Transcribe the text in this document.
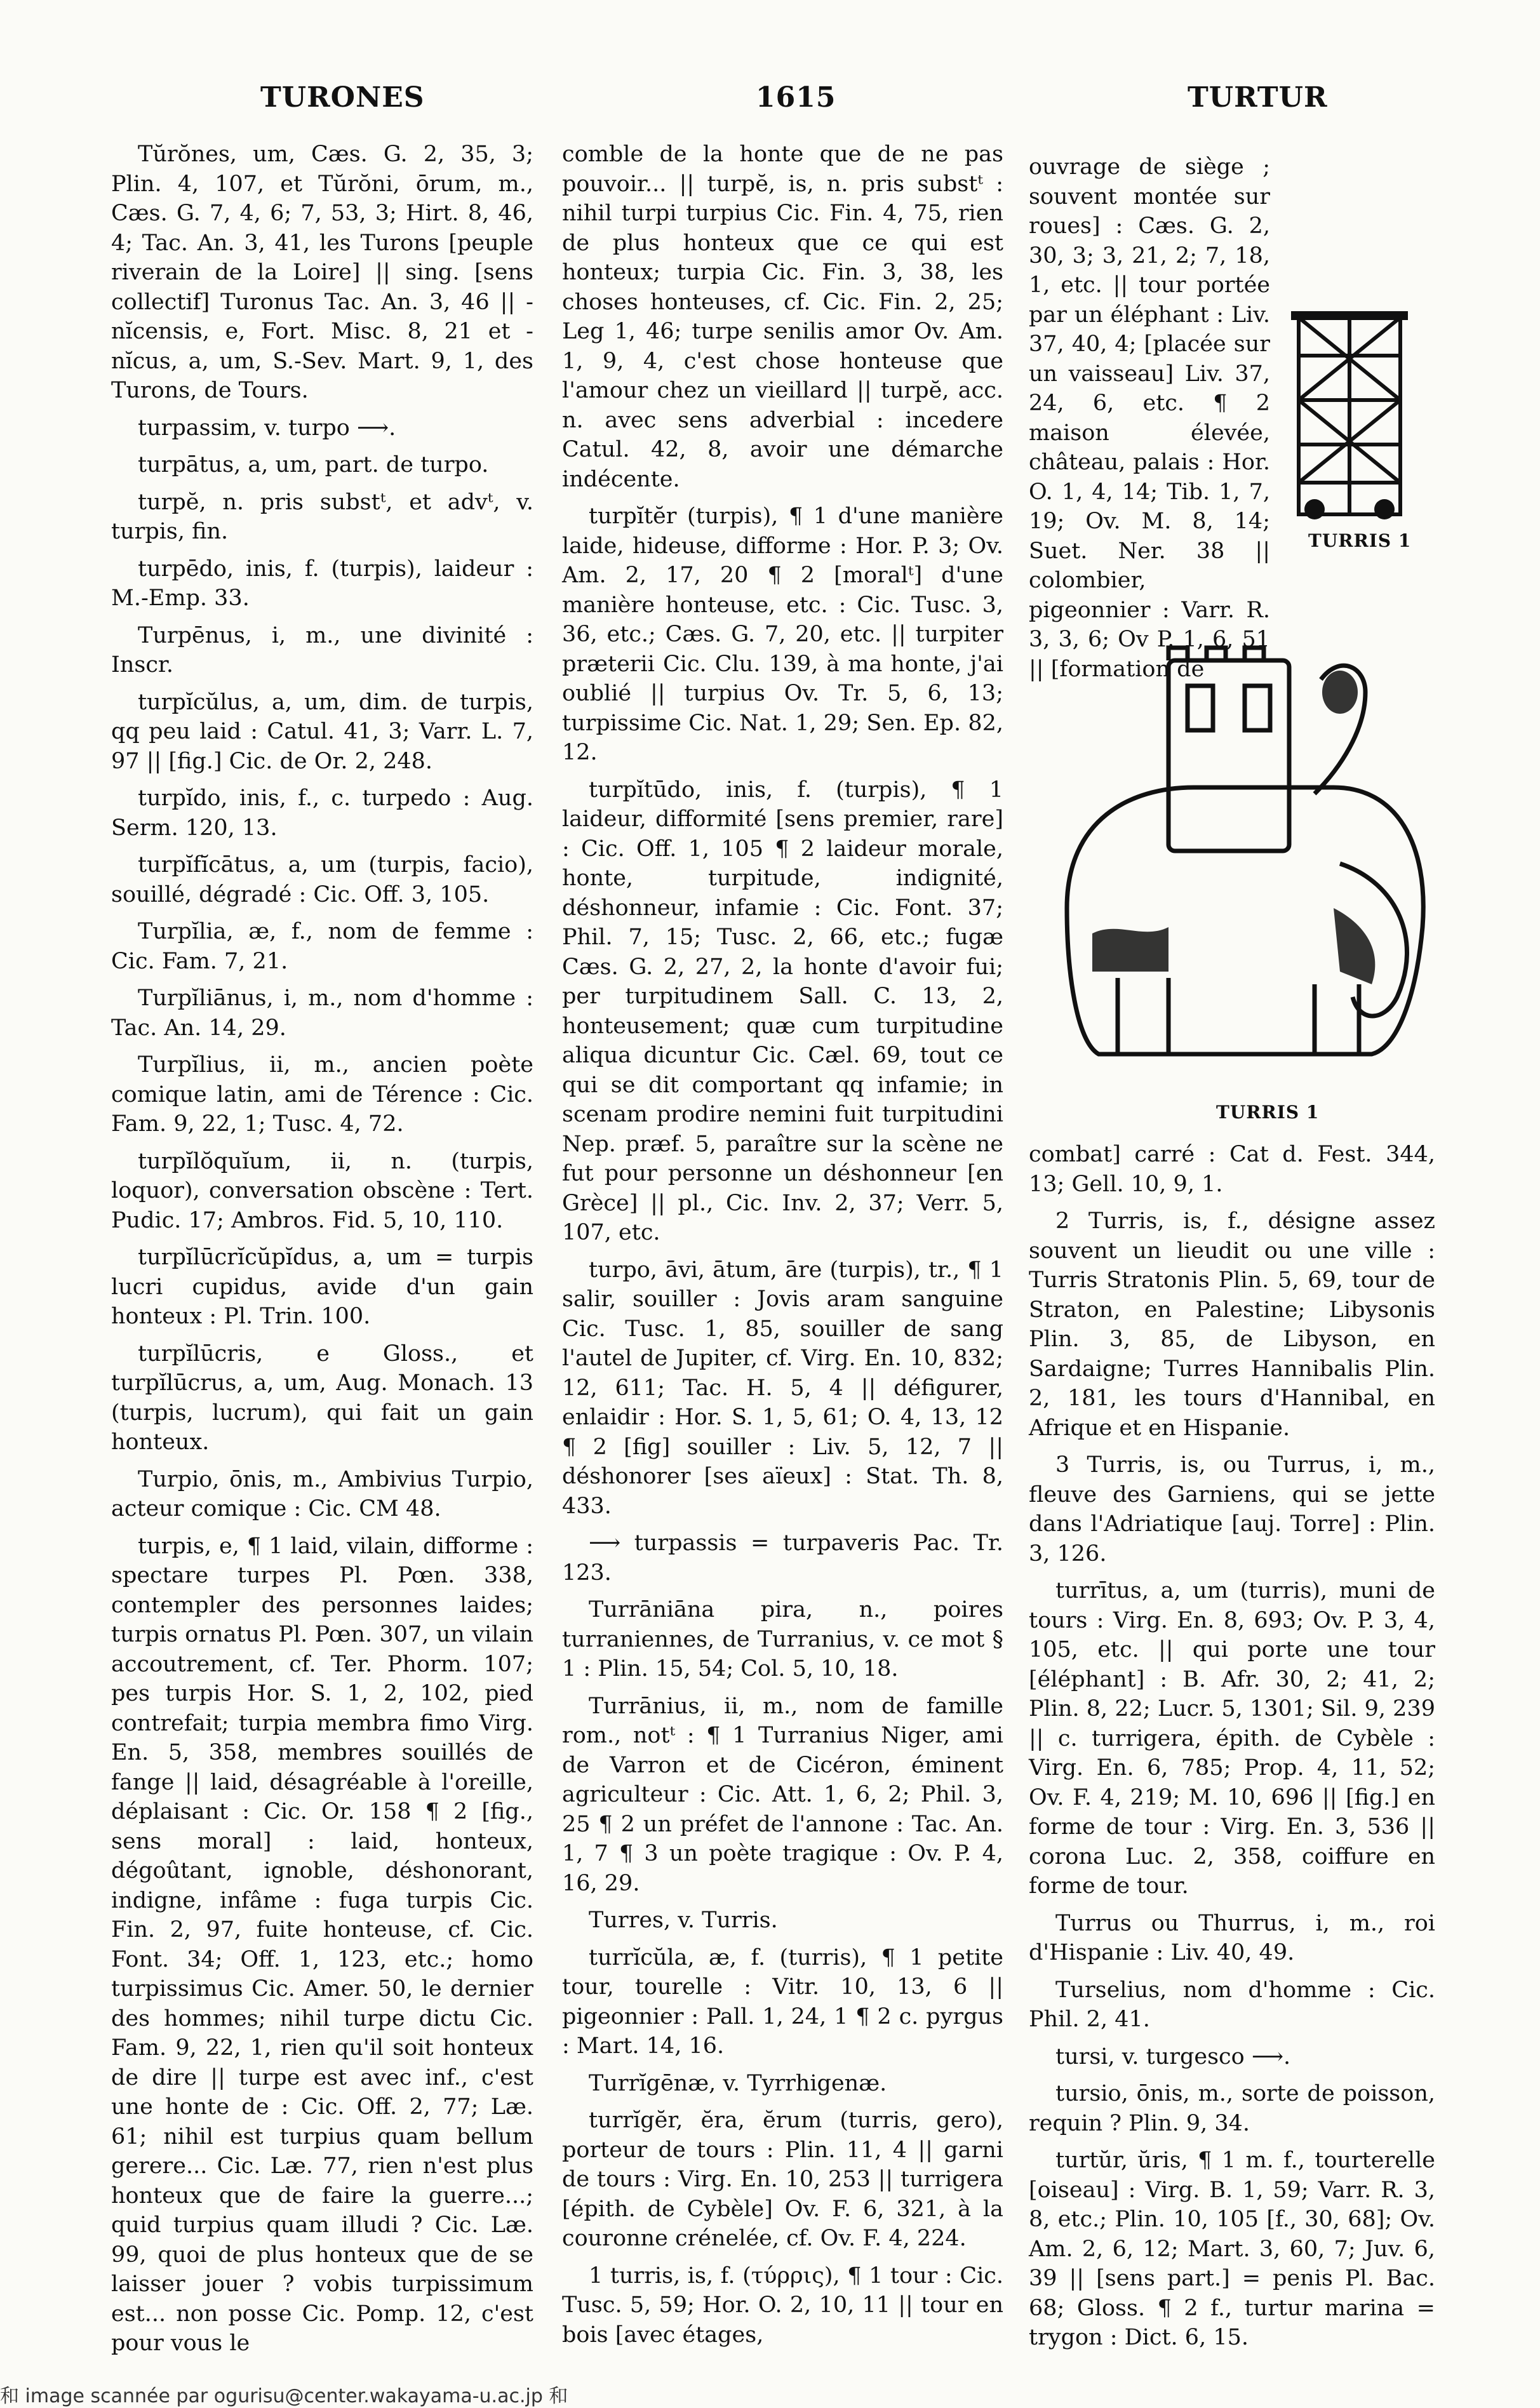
TURONES	1615	TURTUR

Tŭrŏnes, um, Cæs. G. 2, 35, 3; Plin. 4, 107, et Tŭrŏni, ōrum, m., Cæs. G. 7, 4, 6; 7, 53, 3; Hirt. 8, 46, 4; Tac. An. 3, 41, les Turons [peuple riverain de la Loire] || sing. [sens collectif] Turonus Tac. An. 3, 46 || -nĭcensis, e, Fort. Misc. 8, 21 et -nĭcus, a, um, S.-Sev. Mart. 9, 1, des Turons, de Tours.

turpassim, v. turpo ⟶.

turpātus, a, um, part. de turpo.

turpĕ, n. pris substᵗ, et advᵗ, v. turpis, fin.

turpēdo, inis, f. (turpis), laideur : M.-Emp. 33.

Turpēnus, i, m., une divinité : Inscr.

turpĭcŭlus, a, um, dim. de turpis, qq peu laid : Catul. 41, 3; Varr. L. 7, 97 || [fig.] Cic. de Or. 2, 248.

turpĭdo, inis, f., c. turpedo : Aug. Serm. 120, 13.

turpĭfĭcātus, a, um (turpis, facio), souillé, dégradé : Cic. Off. 3, 105.

Turpĭlia, æ, f., nom de femme : Cic. Fam. 7, 21.

Turpĭliānus, i, m., nom d'homme : Tac. An. 14, 29.

Turpĭlius, ii, m., ancien poète comique latin, ami de Térence : Cic. Fam. 9, 22, 1; Tusc. 4, 72.

turpĭlŏquĭum, ii, n. (turpis, loquor), conversation obscène : Tert. Pudic. 17; Ambros. Fid. 5, 10, 110.

turpĭlūcrĭcŭpĭdus, a, um = turpis lucri cupidus, avide d'un gain honteux : Pl. Trin. 100.

turpĭlūcris, e Gloss., et turpĭlūcrus, a, um, Aug. Monach. 13 (turpis, lucrum), qui fait un gain honteux.

Turpio, ōnis, m., Ambivius Turpio, acteur comique : Cic. CM 48.

turpis, e, ¶ 1 laid, vilain, difforme : spectare turpes Pl. Pœn. 338, contempler des personnes laides; turpis ornatus Pl. Pœn. 307, un vilain accoutrement, cf. Ter. Phorm. 107; pes turpis Hor. S. 1, 2, 102, pied contrefait; turpia membra fimo Virg. En. 5, 358, membres souillés de fange || laid, désagréable à l'oreille, déplaisant : Cic. Or. 158 ¶ 2 [fig., sens moral] : laid, honteux, dégoûtant, ignoble, déshonorant, indigne, infâme : fuga turpis Cic. Fin. 2, 97, fuite honteuse, cf. Cic. Font. 34; Off. 1, 123, etc.; homo turpissimus Cic. Amer. 50, le dernier des hommes; nihil turpe dictu Cic. Fam. 9, 22, 1, rien qu'il soit honteux de dire || turpe est avec inf., c'est une honte de : Cic. Off. 2, 77; Læ. 61; nihil est turpius quam bellum gerere... Cic. Læ. 77, rien n'est plus honteux que de faire la guerre...; quid turpius quam illudi ? Cic. Læ. 99, quoi de plus honteux que de se laisser jouer ? vobis turpissimum est... non posse Cic. Pomp. 12, c'est pour vous le

comble de la honte que de ne pas pouvoir... || turpĕ, is, n. pris substᵗ : nihil turpi turpius Cic. Fin. 4, 75, rien de plus honteux que ce qui est honteux; turpia Cic. Fin. 3, 38, les choses honteuses, cf. Cic. Fin. 2, 25; Leg 1, 46; turpe senilis amor Ov. Am. 1, 9, 4, c'est chose honteuse que l'amour chez un vieillard || turpĕ, acc. n. avec sens adverbial : incedere Catul. 42, 8, avoir une démarche indécente.

turpĭtĕr (turpis), ¶ 1 d'une manière laide, hideuse, difforme : Hor. P. 3; Ov. Am. 2, 17, 20 ¶ 2 [moralᵗ] d'une manière honteuse, etc. : Cic. Tusc. 3, 36, etc.; Cæs. G. 7, 20, etc. || turpiter præterii Cic. Clu. 139, à ma honte, j'ai oublié || turpius Ov. Tr. 5, 6, 13; turpissime Cic. Nat. 1, 29; Sen. Ep. 82, 12.

turpĭtūdo, inis, f. (turpis), ¶ 1 laideur, difformité [sens premier, rare] : Cic. Off. 1, 105 ¶ 2 laideur morale, honte, turpitude, indignité, déshonneur, infamie : Cic. Font. 37; Phil. 7, 15; Tusc. 2, 66, etc.; fugæ Cæs. G. 2, 27, 2, la honte d'avoir fui; per turpitudinem Sall. C. 13, 2, honteusement; quæ cum turpitudine aliqua dicuntur Cic. Cæl. 69, tout ce qui se dit comportant qq infamie; in scenam prodire nemini fuit turpitudini Nep. præf. 5, paraître sur la scène ne fut pour personne un déshonneur [en Grèce] || pl., Cic. Inv. 2, 37; Verr. 5, 107, etc.

turpo, āvi, ātum, āre (turpis), tr., ¶ 1 salir, souiller : Jovis aram sanguine Cic. Tusc. 1, 85, souiller de sang l'autel de Jupiter, cf. Virg. En. 10, 832; 12, 611; Tac. H. 5, 4 || défigurer, enlaidir : Hor. S. 1, 5, 61; O. 4, 13, 12 ¶ 2 [fig] souiller : Liv. 5, 12, 7 || déshonorer [ses aïeux] : Stat. Th. 8, 433.

⟶ turpassis = turpaveris Pac. Tr. 123.

Turrāniāna pira, n., poires turraniennes, de Turranius, v. ce mot § 1 : Plin. 15, 54; Col. 5, 10, 18.

Turrānius, ii, m., nom de famille rom., notᵗ : ¶ 1 Turranius Niger, ami de Varron et de Cicéron, éminent agriculteur : Cic. Att. 1, 6, 2; Phil. 3, 25 ¶ 2 un préfet de l'annone : Tac. An. 1, 7 ¶ 3 un poète tragique : Ov. P. 4, 16, 29.

Turres, v. Turris.

turrĭcŭla, æ, f. (turris), ¶ 1 petite tour, tourelle : Vitr. 10, 13, 6 || pigeonnier : Pall. 1, 24, 1 ¶ 2 c. pyrgus : Mart. 14, 16.

Turrĭgēnæ, v. Tyrrhigenæ.

turrĭgĕr, ĕra, ĕrum (turris, gero), porteur de tours : Plin. 11, 4 || garni de tours : Virg. En. 10, 253 || turrigera [épith. de Cybèle] Ov. F. 6, 321, à la couronne crénelée, cf. Ov. F. 4, 224.

1 turris, is, f. (τύρρις), ¶ 1 tour : Cic. Tusc. 5, 59; Hor. O. 2, 10, 11 || tour en bois [avec étages,

ouvrage de siège ; souvent montée sur roues] : Cæs. G. 2, 30, 3; 3, 21, 2; 7, 18, 1, etc. || tour portée par un éléphant : Liv. 37, 40, 4; [placée sur un vaisseau] Liv. 37, 24, 6, etc. ¶ 2 maison élevée, château, palais : Hor. O. 1, 4, 14; Tib. 1, 7, 19; Ov. M. 8, 14; Suet. Ner. 38 || colombier, pigeonnier : Varr. R. 3, 3, 6; Ov P. 1, 6, 51 || [formation de

TURRIS 1
TURRIS 1

combat] carré : Cat d. Fest. 344, 13; Gell. 10, 9, 1.

2 Turris, is, f., désigne assez souvent un lieudit ou une ville : Turris Stratonis Plin. 5, 69, tour de Straton, en Palestine; Libysonis Plin. 3, 85, de Libyson, en Sardaigne; Turres Hannibalis Plin. 2, 181, les tours d'Hannibal, en Afrique et en Hispanie.

3 Turris, is, ou Turrus, i, m., fleuve des Garniens, qui se jette dans l'Adriatique [auj. Torre] : Plin. 3, 126.

turrītus, a, um (turris), muni de tours : Virg. En. 8, 693; Ov. P. 3, 4, 105, etc. || qui porte une tour [éléphant] : B. Afr. 30, 2; 41, 2; Plin. 8, 22; Lucr. 5, 1301; Sil. 9, 239 || c. turrigera, épith. de Cybèle : Virg. En. 6, 785; Prop. 4, 11, 52; Ov. F. 4, 219; M. 10, 696 || [fig.] en forme de tour : Virg. En. 3, 536 || corona Luc. 2, 358, coiffure en forme de tour.

Turrus ou Thurrus, i, m., roi d'Hispanie : Liv. 40, 49.

Turselius, nom d'homme : Cic. Phil. 2, 41.

tursi, v. turgesco ⟶.

tursio, ōnis, m., sorte de poisson, requin ? Plin. 9, 34.

turtŭr, ŭris, ¶ 1 m. f., tourterelle [oiseau] : Virg. B. 1, 59; Varr. R. 3, 8, etc.; Plin. 10, 105 [f., 30, 68]; Ov. Am. 2, 6, 12; Mart. 3, 60, 7; Juv. 6, 39 || [sens part.] = penis Pl. Bac. 68; Gloss. ¶ 2 f., turtur marina = trygon : Dict. 6, 15.

和 image scannée par ogurisu@center.wakayama-u.ac.jp 和
